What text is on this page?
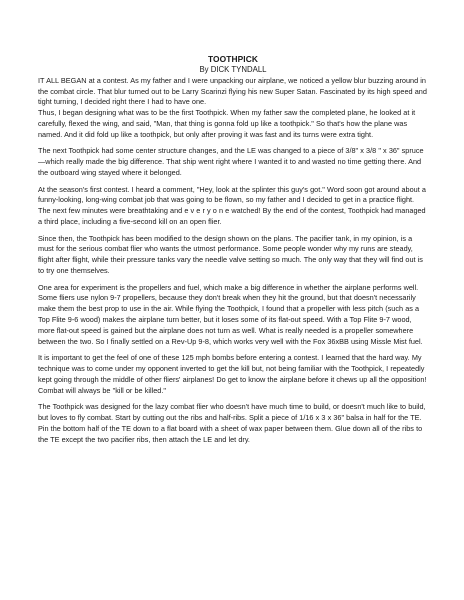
TOOTHPICK

By DICK TYNDALL

IT ALL BEGAN at a contest. As my father and I were unpacking our airplane, we noticed a yellow blur buzzing around in the combat circle. That blur turned out to be Larry Scarinzi flying his new Super Satan. Fascinated by its high speed and tight turning, I decided right there I had to have one.

Thus, I began designing what was to be the first Toothpick. When my father saw the completed plane, he looked at it carefully, flexed the wing, and said, "Man, that thing is gonna fold up like a toothpick." So that's how the plane was named. And it did fold up like a toothpick, but only after proving it was fast and its turns were extra tight.

The next Toothpick had some center structure changes, and the LE was changed to a piece of 3/8" x 3/8 " x 36" spruce—which really made the big difference. That ship went right where I wanted it to and wasted no time getting there. And the outboard wing stayed where it belonged.

At the season's first contest. I heard a comment, "Hey, look at the splinter this guy's got." Word soon got around about a funny-looking, long-wing combat job that was going to be flown, so my father and I decided to get in a practice flight. The next few minutes were breathtaking and e v e r y o n e watched! By the end of the contest, Toothpick had managed a third place, including a five-second kill on an open flier.

Since then, the Toothpick has been modified to the design shown on the plans. The pacifier tank, in my opinion, is a must for the serious combat flier who wants the utmost performance. Some people wonder why my runs are steady, flight after flight, while their pressure tanks vary the needle valve setting so much. The only way that they will find out is to try one themselves.

One area for experiment is the propellers and fuel, which make a big difference in whether the airplane performs well. Some fliers use nylon 9-7 propellers, because they don't break when they hit the ground, but that doesn't necessarily make them the best prop to use in the air. While flying the Toothpick, I found that a propeller with less pitch (such as a Top Flite 9-6 wood) makes the airplane turn better, but it loses some of its flat-out speed. With a Top Flite 9-7 wood, more flat-out speed is gained but the airplane does not turn as well. What is really needed is a propeller somewhere between the two. So I finally settled on a Rev-Up 9-8, which works very well with the Fox 36xBB using Missle Mist fuel.

It is important to get the feel of one of these 125 mph bombs before entering a contest. I learned that the hard way. My technique was to come under my opponent inverted to get the kill but, not being familiar with the Toothpick, I repeatedly kept going through the middle of other fliers' airplanes! Do get to know the airplane before it chews up all the opposition! Combat will always be "kill or be killed."

The Toothpick was designed for the lazy combat flier who doesn't have much time to build, or doesn't much like to build, but loves to fly combat. Start by cutting out the ribs and half-ribs. Split a piece of 1/16 x 3 x 36" balsa in half for the TE. Pin the bottom half of the TE down to a flat board with a sheet of wax paper between them. Glue down all of the ribs to the TE except the two pacifier ribs, then attach the LE and let dry.
